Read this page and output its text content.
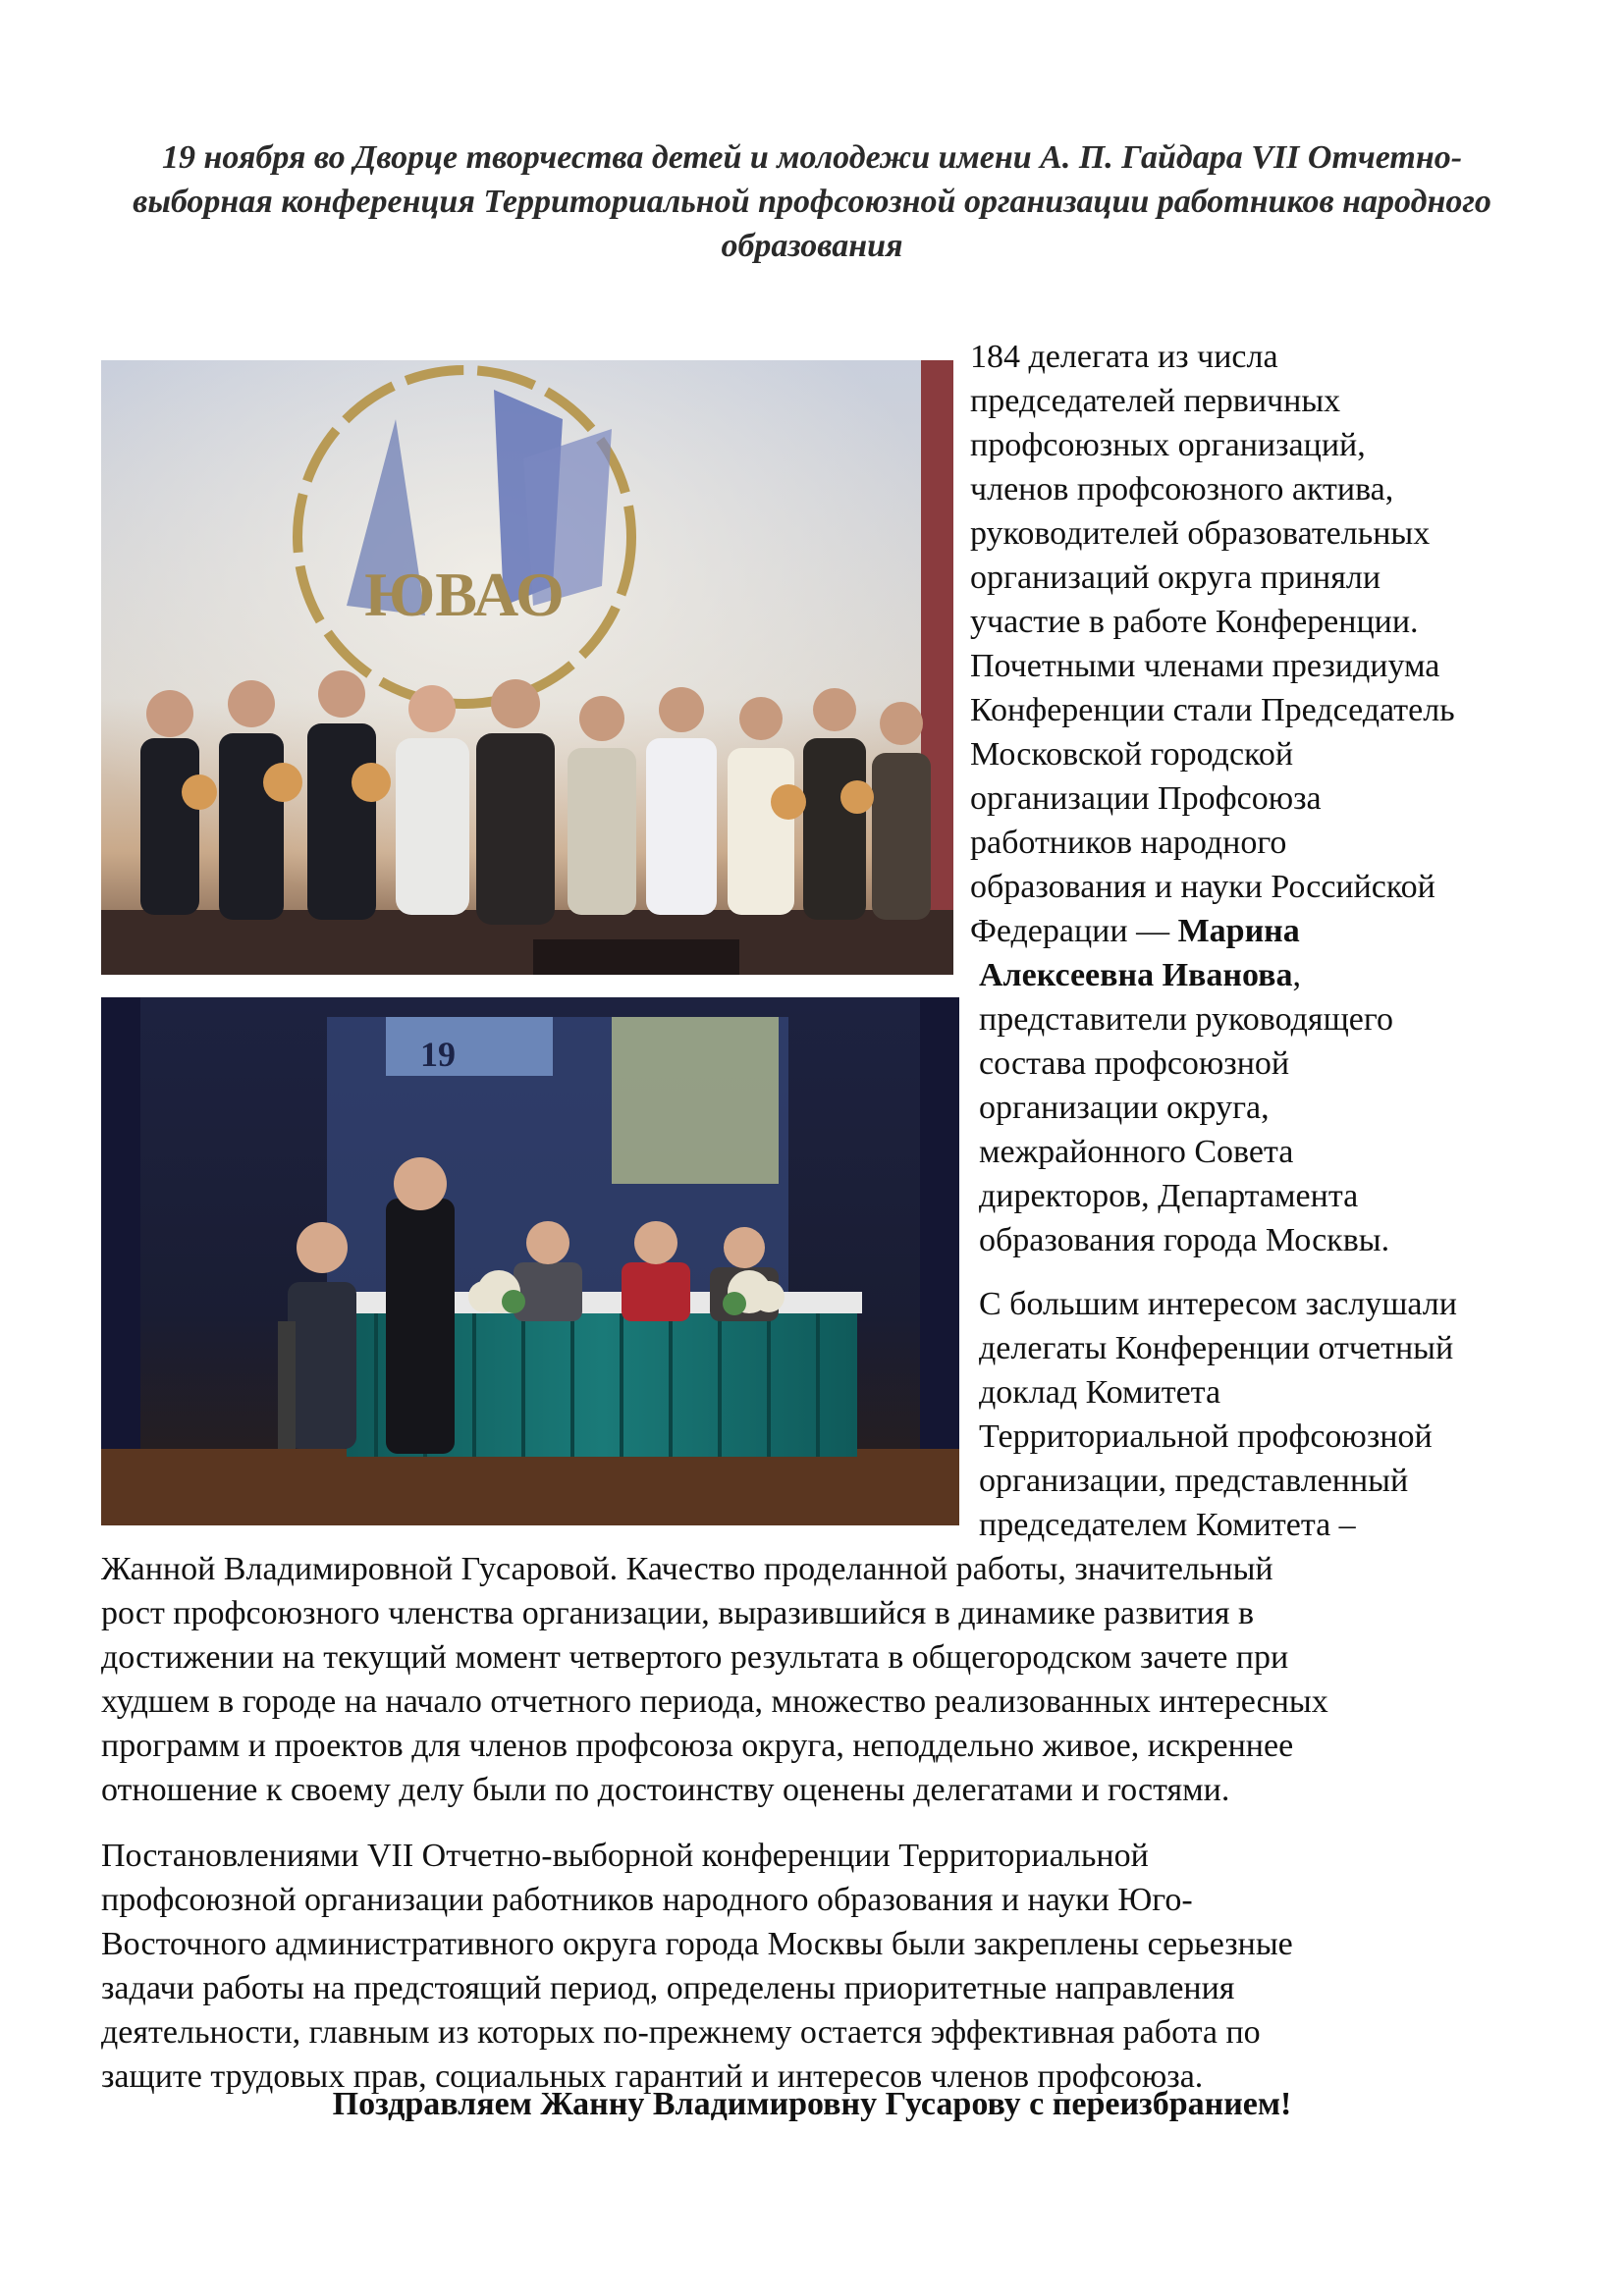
19 ноября во Дворце творчества детей и молодежи имени А. П. Гайдара VII Отчетно-выборная конференция Территориальной профсоюзной организации работников народного образования
ЮВАО
19

184 делегата из числа
председателей первичных
профсоюзных организаций,
членов профсоюзного актива,
руководителей образовательных
организаций округа приняли
участие в работе Конференции.
Почетными членами президиума
Конференции стали Председатель
Московской городской
организации Профсоюза
работников народного
образования и науки Российской
Федерации — Марина

Алексеевна Иванова,
представители руководящего
состава профсоюзной
организации округа,
межрайонного Совета
директоров, Департамента
образования города Москвы.

С большим интересом заслушали
делегаты Конференции отчетный
доклад Комитета
Территориальной профсоюзной
организации, представленный
председателем Комитета –

Жанной Владимировной Гусаровой. Качество проделанной работы, значительный
рост профсоюзного членства организации, выразившийся в динамике развития в
достижении на текущий момент четвертого результата в общегородском зачете при
худшем в городе на начало отчетного периода, множество реализованных интересных
программ и проектов для членов профсоюза округа, неподдельно живое, искреннее
отношение к своему делу были по достоинству оценены делегатами и гостями.

Постановлениями VII Отчетно-выборной конференции Территориальной
профсоюзной организации работников народного образования и науки Юго-
Восточного административного округа города Москвы были закреплены серьезные
задачи работы на предстоящий период, определены приоритетные направления
деятельности, главным из которых по-прежнему остается эффективная работа по
защите трудовых прав, социальных гарантий и интересов членов профсоюза.

Поздравляем Жанну Владимировну Гусарову с переизбранием!
